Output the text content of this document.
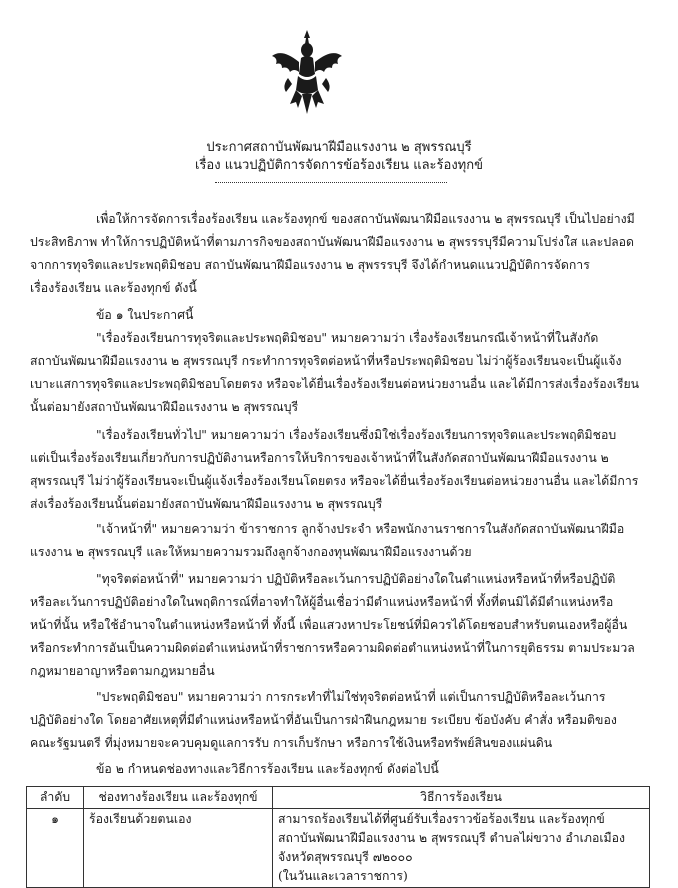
ประกาศสถาบันพัฒนาฝีมือแรงงาน ๒ สุพรรณบุรี
เรื่อง แนวปฏิบัติการจัดการข้อร้องเรียน และร้องทุกข์
เพื่อให้การจัดการเรื่องร้องเรียน และร้องทุกข์ ของสถาบันพัฒนาฝีมือแรงงาน ๒ สุพรรณบุรี เป็นไปอย่างมี
ประสิทธิภาพ ทำให้การปฏิบัติหน้าที่ตามภารกิจของสถาบันพัฒนาฝีมือแรงงาน ๒ สุพรรรบุรีมีความโปร่งใส และปลอด
จากการทุจริตและประพฤติมิชอบ สถาบันพัฒนาฝีมือแรงงาน ๒ สุพรรรบุรี จึงได้กำหนดแนวปฏิบัติการจัดการ
เรื่องร้องเรียน และร้องทุกข์ ดังนี้
ข้อ ๑ ในประกาศนี้
"เรื่องร้องเรียนการทุจริตและประพฤติมิชอบ" หมายความว่า เรื่องร้องเรียนกรณีเจ้าหน้าที่ในสังกัด
สถาบันพัฒนาฝีมือแรงงาน ๒ สุพรรณบุรี กระทำการทุจริตต่อหน้าที่หรือประพฤติมิชอบ ไม่ว่าผู้ร้องเรียนจะเป็นผู้แจ้ง
เบาะแสการทุจริตและประพฤติมิชอบโดยตรง หรือจะได้ยื่นเรื่องร้องเรียนต่อหน่วยงานอื่น และได้มีการส่งเรื่องร้องเรียน
นั้นต่อมายังสถาบันพัฒนาฝีมือแรงงาน ๒ สุพรรณบุรี
"เรื่องร้องเรียนทั่วไป" หมายความว่า เรื่องร้องเรียนซึ่งมิใช่เรื่องร้องเรียนการทุจริตและประพฤติมิชอบ
แต่เป็นเรื่องร้องเรียนเกี่ยวกับการปฏิบัติงานหรือการให้บริการของเจ้าหน้าที่ในสังกัดสถาบันพัฒนาฝีมือแรงงาน ๒
สุพรรณบุรี ไม่ว่าผู้ร้องเรียนจะเป็นผู้แจ้งเรื่องร้องเรียนโดยตรง หรือจะได้ยื่นเรื่องร้องเรียนต่อหน่วยงานอื่น และได้มีการ
ส่งเรื่องร้องเรียนนั้นต่อมายังสถาบันพัฒนาฝีมือแรงงาน ๒ สุพรรณบุรี
"เจ้าหน้าที่" หมายความว่า ข้าราชการ ลูกจ้างประจำ หรือพนักงานราชการในสังกัดสถาบันพัฒนาฝีมือ
แรงงาน ๒ สุพรรณบุรี และให้หมายความรวมถึงลูกจ้างกองทุนพัฒนาฝีมือแรงงานด้วย
"ทุจริตต่อหน้าที่" หมายความว่า ปฏิบัติหรือละเว้นการปฏิบัติอย่างใดในตำแหน่งหรือหน้าที่หรือปฏิบัติ
หรือละเว้นการปฏิบัติอย่างใดในพฤติการณ์ที่อาจทำให้ผู้อื่นเชื่อว่ามีตำแหน่งหรือหน้าที่ ทั้งที่ตนมิได้มีตำแหน่งหรือ
หน้าที่นั้น หรือใช้อำนาจในตำแหน่งหรือหน้าที่ ทั้งนี้ เพื่อแสวงหาประโยชน์ที่มิควรได้โดยชอบสำหรับตนเองหรือผู้อื่น
หรือกระทำการอันเป็นความผิดต่อตำแหน่งหน้าที่ราชการหรือความผิดต่อตำแหน่งหน้าที่ในการยุติธรรม ตามประมวล
กฎหมายอาญาหรือตามกฎหมายอื่น
"ประพฤติมิชอบ" หมายความว่า การกระทำที่ไม่ใช่ทุจริตต่อหน้าที่ แต่เป็นการปฏิบัติหรือละเว้นการ
ปฏิบัติอย่างใด โดยอาศัยเหตุที่มีตำแหน่งหรือหน้าที่อันเป็นการฝ่าฝืนกฎหมาย ระเบียบ ข้อบังคับ คำสั่ง หรือมติของ
คณะรัฐมนตรี ที่มุ่งหมายจะควบคุมดูแลการรับ การเก็บรักษา หรือการใช้เงินหรือทรัพย์สินของแผ่นดิน
ข้อ ๒ กำหนดช่องทางและวิธีการร้องเรียน และร้องทุกข์ ดังต่อไปนี้
ลำดับ	ช่องทางร้องเรียน และร้องทุกข์	วิธีการร้องเรียน
๑	ร้องเรียนด้วยตนเอง	สามารถร้องเรียนได้ที่ศูนย์รับเรื่องราวข้อร้องเรียน และร้องทุกข์
สถาบันพัฒนาฝีมือแรงงาน ๒ สุพรรณบุรี ตำบลไผ่ขวาง อำเภอเมือง
จังหวัดสุพรรณบุรี ๗๒๐๐๐
(ในวันและเวลาราชการ)
